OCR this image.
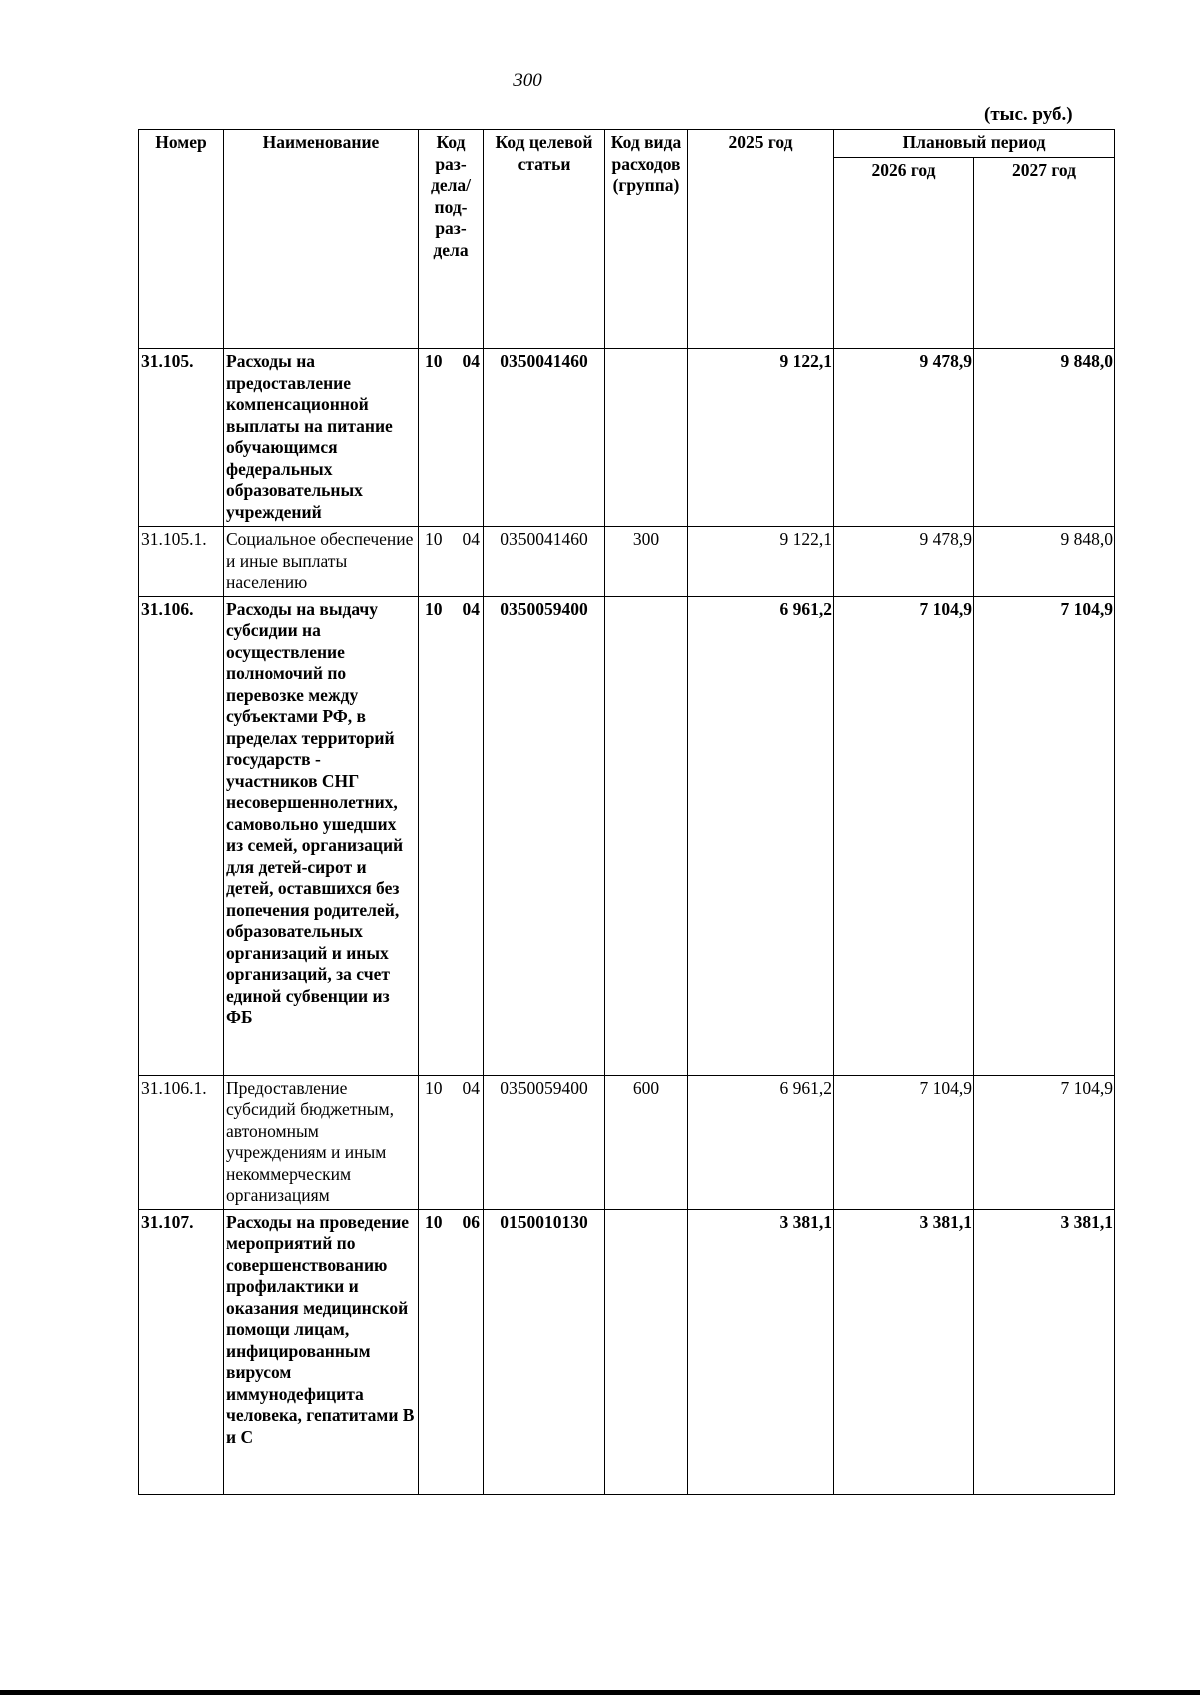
300
(тыс. руб.)
Номер	Наименование	Код раз-дела/ под-раз-дела	Код целевой статьи	Код вида расходов (группа)	2025 год	Плановый период	
						2026 год	2027 год
31.105.	Расходы на предоставление компенсационной выплаты на питание обучающимся федеральных образовательных учреждений	10 04	0350041460		9 122,1	9 478,9	9 848,0
31.105.1.	Социальное обеспечение и иные выплаты населению	10 04	0350041460	300	9 122,1	9 478,9	9 848,0
31.106.	Расходы на выдачу субсидии на осуществление полномочий по перевозке между субъектами РФ, в пределах территорий государств - участников СНГ несовершеннолетних, самовольно ушедших из семей, организаций для детей-сирот и детей, оставшихся без попечения родителей, образовательных организаций и иных организаций, за счет единой субвенции из ФБ	10 04	0350059400		6 961,2	7 104,9	7 104,9
31.106.1.	Предоставление субсидий бюджетным, автономным учреждениям и иным некоммерческим организациям	10 04	0350059400	600	6 961,2	7 104,9	7 104,9
31.107.	Расходы на проведение мероприятий по совершенствованию профилактики и оказания медицинской помощи лицам, инфицированным вирусом иммунодефицита человека, гепатитами B и C	10 06	0150010130		3 381,1	3 381,1	3 381,1
